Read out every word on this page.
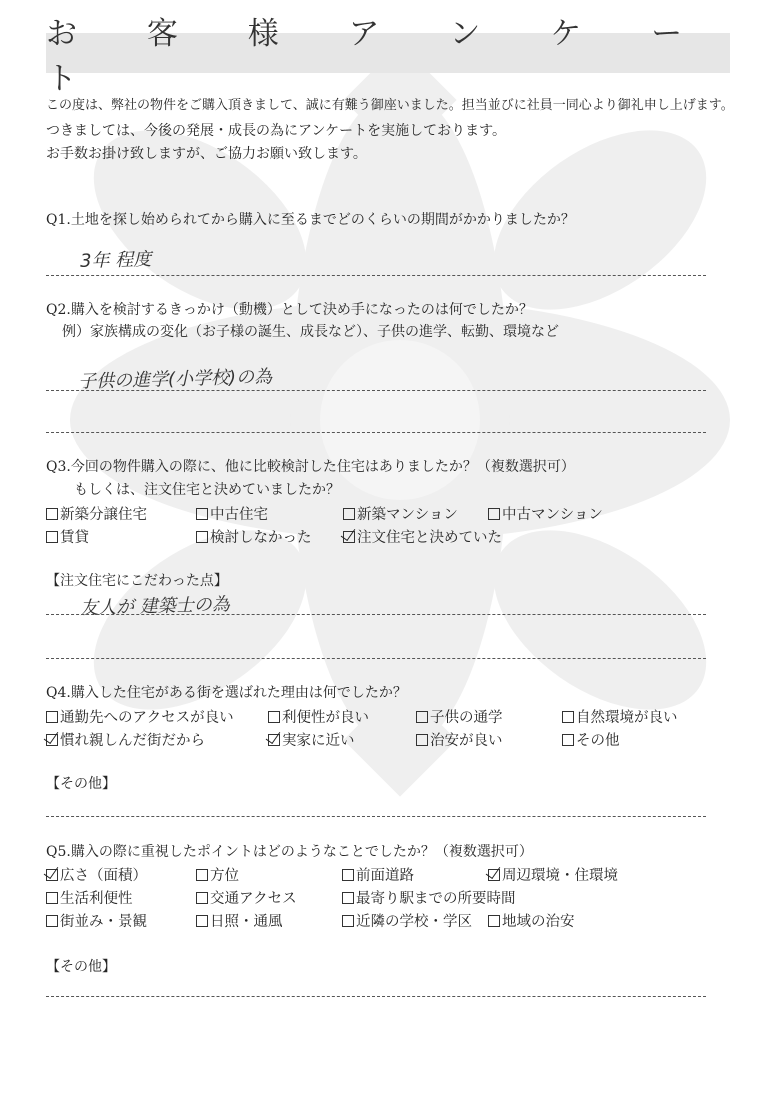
お 客 様 ア ン ケ ー ト
この度は、弊社の物件をご購入頂きまして、誠に有難う御座いました。担当並びに社員一同心より御礼申し上げます。
つきましては、今後の発展・成長の為にアンケートを実施しております。
お手数お掛け致しますが、ご協力お願い致します。
Q1.土地を探し始められてから購入に至るまでどのくらいの期間がかかりましたか？
3年 程度
Q2.購入を検討するきっかけ（動機）として決め手になったのは何でしたか？
例）家族構成の変化（お子様の誕生、成長など）、子供の進学、転勤、環境など
子供の進学(小学校)の為
Q3.今回の物件購入の際に、他に比較検討した住宅はありましたか？（複数選択可）
もしくは、注文住宅と決めていましたか？
新築分譲住宅	中古住宅	新築マンション	中古マンション
賃貸	検討しなかった	注文住宅と決めていた
【注文住宅にこだわった点】
友人が 建築士の為
Q4.購入した住宅がある街を選ばれた理由は何でしたか？
通勤先へのアクセスが良い	利便性が良い	子供の通学	自然環境が良い
慣れ親しんだ街だから	実家に近い	治安が良い	その他
【その他】
Q5.購入の際に重視したポイントはどのようなことでしたか？（複数選択可）
広さ（面積）	方位	前面道路	周辺環境・住環境
生活利便性	交通アクセス	最寄り駅までの所要時間
街並み・景観	日照・通風	近隣の学校・学区 地域の治安
【その他】
